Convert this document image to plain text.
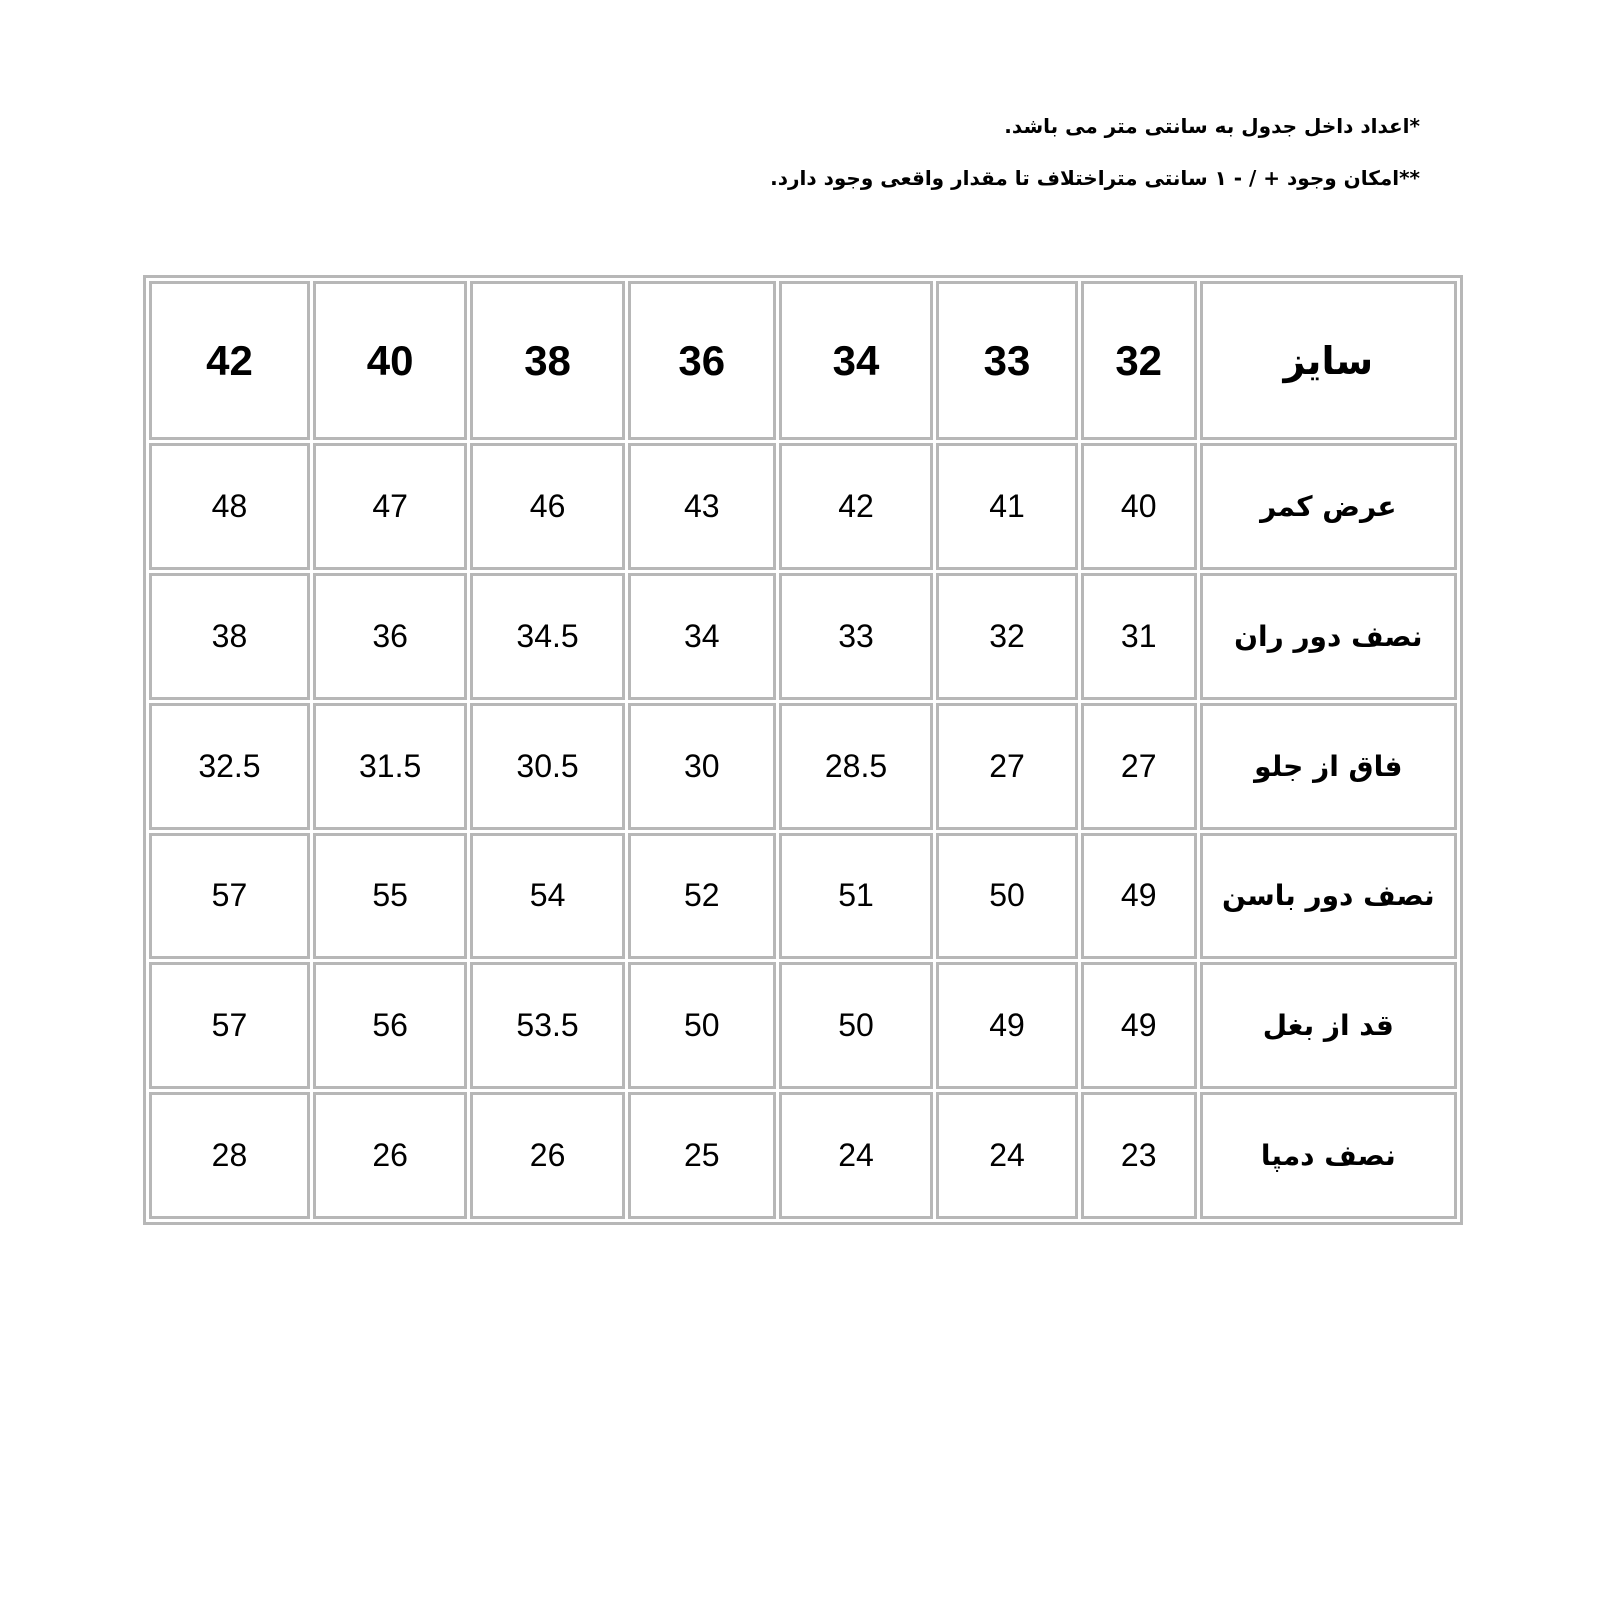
*اعداد داخل جدول به سانتی متر می باشد.

**امکان وجود + / - ۱ سانتی متراختلاف تا مقدار واقعی وجود دارد.

سایز	32	33	34	36	38	40	42
عرض کمر	40	41	42	43	46	47	48
نصف دور ران	31	32	33	34	34.5	36	38
فاق از جلو	27	27	28.5	30	30.5	31.5	32.5
نصف دور باسن	49	50	51	52	54	55	57
قد از بغل	49	49	50	50	53.5	56	57
نصف دمپا	23	24	24	25	26	26	28
